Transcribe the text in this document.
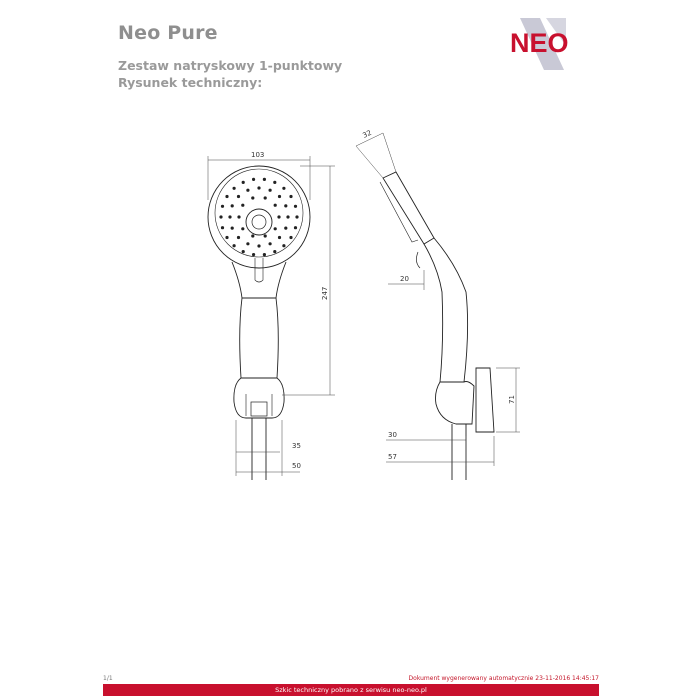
Neo Pure
Zestaw natryskowy 1-punktowy
Rysunek techniczny:
NEO
103
247
35
50
32
20
71
30
57
1/1	Dokument wygenerowany automatycznie 23-11-2016 14:45:17
Szkic techniczny pobrano z serwisu neo-neo.pl
